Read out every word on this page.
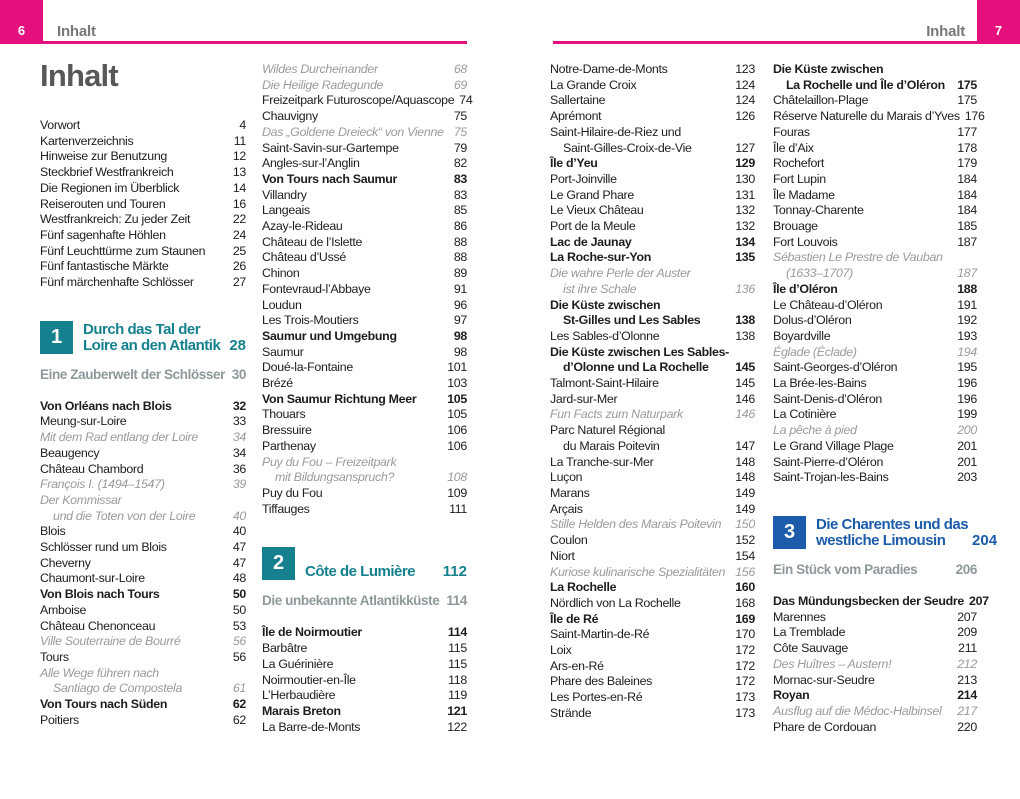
6 Inhalt	7
Inhalt
Inhalt
Vorwort	4
Kartenverzeichnis	11
Hinweise zur Benutzung	12
Steckbrief Westfrankreich	13
Die Regionen im Überblick	14
Reiserouten und Touren	16
Westfrankreich: Zu jeder Zeit	22
Fünf sagenhafte Höhlen	24
Fünf Leuchttürme zum Staunen	25
Fünf fantastische Märkte	26
Fünf märchenhafte Schlösser	27
1	Durch das Tal der
Loire an den Atlantik 28
Eine Zauberwelt der Schlösser 30
Von Orléans nach Blois	32
Meung-sur-Loire	33
Mit dem Rad entlang der Loire	34
Beaugency	34
Château Chambord	36
François I. (1494–1547)	39
Der Kommissar
und die Toten von der Loire	40
Blois	40
Schlösser rund um Blois	47
Cheverny	47
Chaumont-sur-Loire	48
Von Blois nach Tours	50
Amboise	50
Château Chenonceau	53
Ville Souterraine de Bourré	56
Tours	56
Alle Wege führen nach
Santiago de Compostela	61
Von Tours nach Süden	62
Poitiers	62
Wildes Durcheinander	68
Die Heilige Radegunde	69
Freizeitpark Futuroscope/Aquascope 74
Chauvigny	75
Das „Goldene Dreieck“ von Vienne 75
Saint-Savin-sur-Gartempe	79
Angles-sur-l’Anglin	82
Von Tours nach Saumur	83
Villandry	83
Langeais	85
Azay-le-Rideau	86
Château de l’Islette	88
Château d’Ussé	88
Chinon	89
Fontevraud-l’Abbaye	91
Loudun	96
Les Trois-Moutiers	97
Saumur und Umgebung	98
Saumur	98
Doué-la-Fontaine	101
Brézé	103
Von Saumur Richtung Meer	105
Thouars	105
Bressuire	106
Parthenay	106
Puy du Fou – Freizeitpark
mit Bildungsanspruch?	108
Puy du Fou	109
Tiffauges	111
2	Côte de Lumière 112
Die unbekannte Atlantikküste 114
Île de Noirmoutier	114
Barbâtre	115
La Guérinière	115
Noirmoutier-en-Île	118
L’Herbaudière	119
Marais Breton	121
La Barre-de-Monts	122
Notre-Dame-de-Monts	123
La Grande Croix	124
Sallertaine	124
Aprémont	126
Saint-Hilaire-de-Riez und
Saint-Gilles-Croix-de-Vie	127
Île d’Yeu	129
Port-Joinville	130
Le Grand Phare	131
Le Vieux Château	132
Port de la Meule	132
Lac de Jaunay	134
La Roche-sur-Yon	135
Die wahre Perle der Auster
ist ihre Schale	136
Die Küste zwischen
St-Gilles und Les Sables	138
Les Sables-d’Olonne	138
Die Küste zwischen Les Sables-
d’Olonne und La Rochelle	145
Talmont-Saint-Hilaire	145
Jard-sur-Mer	146
Fun Facts zum Naturpark	146
Parc Naturel Régional
du Marais Poitevin	147
La Tranche-sur-Mer	148
Luçon	148
Marans	149
Arçais	149
Stille Helden des Marais Poitevin	150
Coulon	152
Niort	154
Kuriose kulinarische Spezialitäten 156
La Rochelle	160
Nördlich von La Rochelle	168
Île de Ré	169
Saint-Martin-de-Ré	170
Loix	172
Ars-en-Ré	172
Phare des Baleines	172
Les Portes-en-Ré	173
Strände	173
Die Küste zwischen
La Rochelle und Île d’Oléron 175
Châtelaillon-Plage	175
Réserve Naturelle du Marais d’Yves 176
Fouras	177
Île d’Aix	178
Rochefort	179
Fort Lupin	184
Île Madame	184
Tonnay-Charente	184
Brouage	185
Fort Louvois	187
Sébastien Le Prestre de Vauban
(1633–1707)	187
Île d’Oléron	188
Le Château-d’Oléron	191
Dolus-d’Oléron	192
Boyardville	193
Églade (Éclade)	194
Saint-Georges-d’Oléron	195
La Brée-les-Bains	196
Saint-Denis-d’Oléron	196
La Cotinière	199
La pêche à pied	200
Le Grand Village Plage	201
Saint-Pierre-d’Oléron	201
Saint-Trojan-les-Bains	203
3	Die Charentes und das
westliche Limousin	204
Ein Stück vom Paradies	206
Das Mündungsbecken der Seudre 207
Marennes	207
La Tremblade	209
Côte Sauvage	211
Des Huîtres – Austern!	212
Mornac-sur-Seudre	213
Royan	214
Ausflug auf die Médoc-Halbinsel	217
Phare de Cordouan	220
